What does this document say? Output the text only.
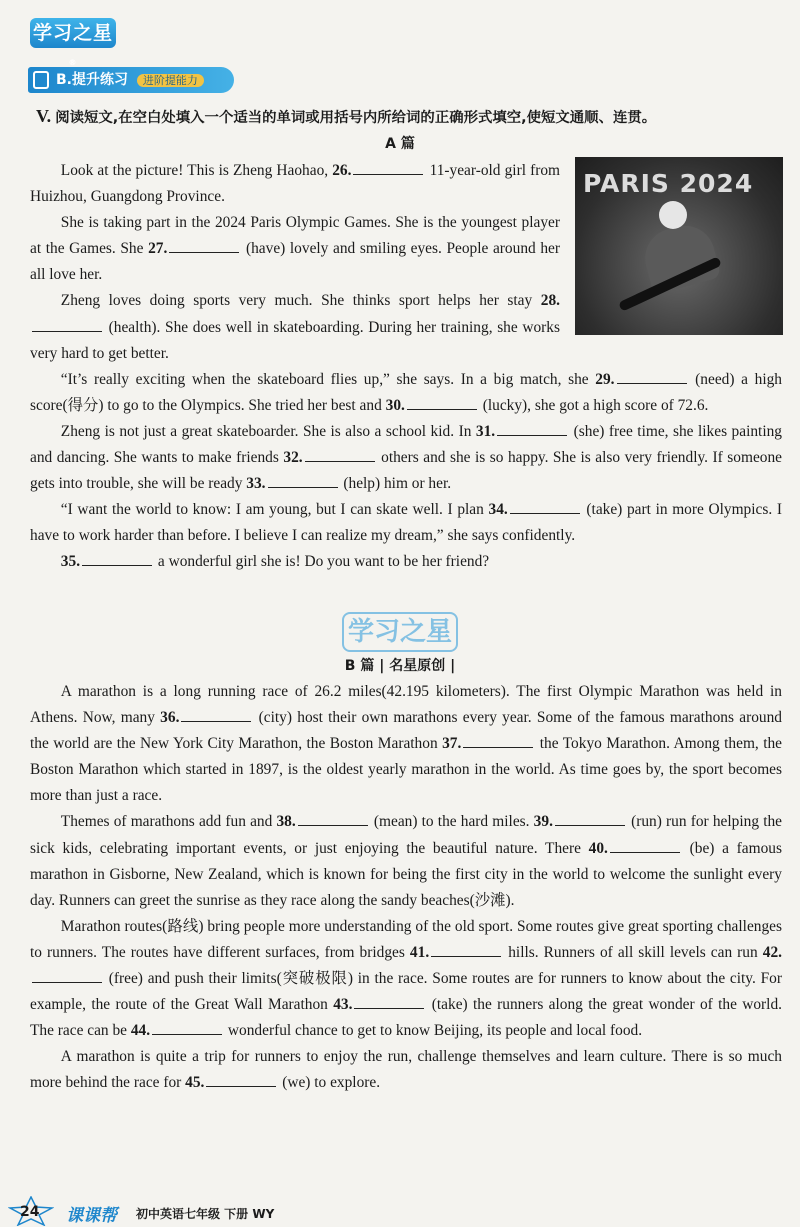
学习之星®
B.提升练习 进阶提能力
V. 阅读短文,在空白处填入一个适当的单词或用括号内所给词的正确形式填空,使短文通顺、连贯。
A 篇
PARIS 2024

Look at the picture! This is Zheng Haohao, 26.	11-year-old girl from Huizhou, Guangdong Province.

She is taking part in the 2024 Paris Olympic Games. She is the youngest player at the Games. She 27.	(have) lovely and smiling eyes. People around her all love her.

Zheng loves doing sports very much. She thinks sport helps her stay 28. (health). She does well in skateboarding. During her training, she works very hard to get better.

“It’s really exciting when the skateboard flies up,” she says. In a big match, she 29.	(need) a high score(得分) to go to the Olympics. She tried her best and 30.	(lucky), she got a high score of 72.6.

Zheng is not just a great skateboarder. She is also a school kid. In 31.	(she) free time, she likes painting and dancing. She wants to make friends 32.	others and she is so happy. She is also very friendly. If someone gets into trouble, she will be ready 33.	(help) him or her.

“I want the world to know: I am young, but I can skate well. I plan 34.	(take) part in more Olympics. I have to work harder than before. I believe I can realize my dream,” she says confidently.

35.	a wonderful girl she is! Do you want to be her friend?

学习之星
B 篇 | 名星原创 |

A marathon is a long running race of 26.2 miles(42.195 kilometers). The first Olympic Marathon was held in Athens. Now, many 36.	(city) host their own marathons every year. Some of the famous marathons around the world are the New York City Marathon, the Boston Marathon 37.	the Tokyo Marathon. Among them, the Boston Marathon which started in 1897, is the oldest yearly marathon in the world. As time goes by, the sport becomes more than just a race.

Themes of marathons add fun and 38.	(mean) to the hard miles. 39.	(run) run for helping the sick kids, celebrating important events, or just enjoying the beautiful nature. There 40.	(be) a famous marathon in Gisborne, New Zealand, which is known for being the first city in the world to welcome the sunlight every day. Runners can greet the sunrise as they race along the sandy beaches(沙滩).

Marathon routes(路线) bring people more understanding of the old sport. Some routes give great sporting challenges to runners. The routes have different surfaces, from bridges 41.	hills. Runners of all skill levels can run 42. (free) and push their limits(突破极限) in the race. Some routes are for runners to know about the city. For example, the route of the Great Wall Marathon 43.	(take) the runners along the great wonder of the world. The race can be 44.	wonderful chance to get to know Beijing, its people and local food.

A marathon is quite a trip for runners to enjoy the run, challenge themselves and learn culture. There is so much more behind the race for 45.	(we) to explore.

24 课课帮 初中英语七年级 下册 WY
